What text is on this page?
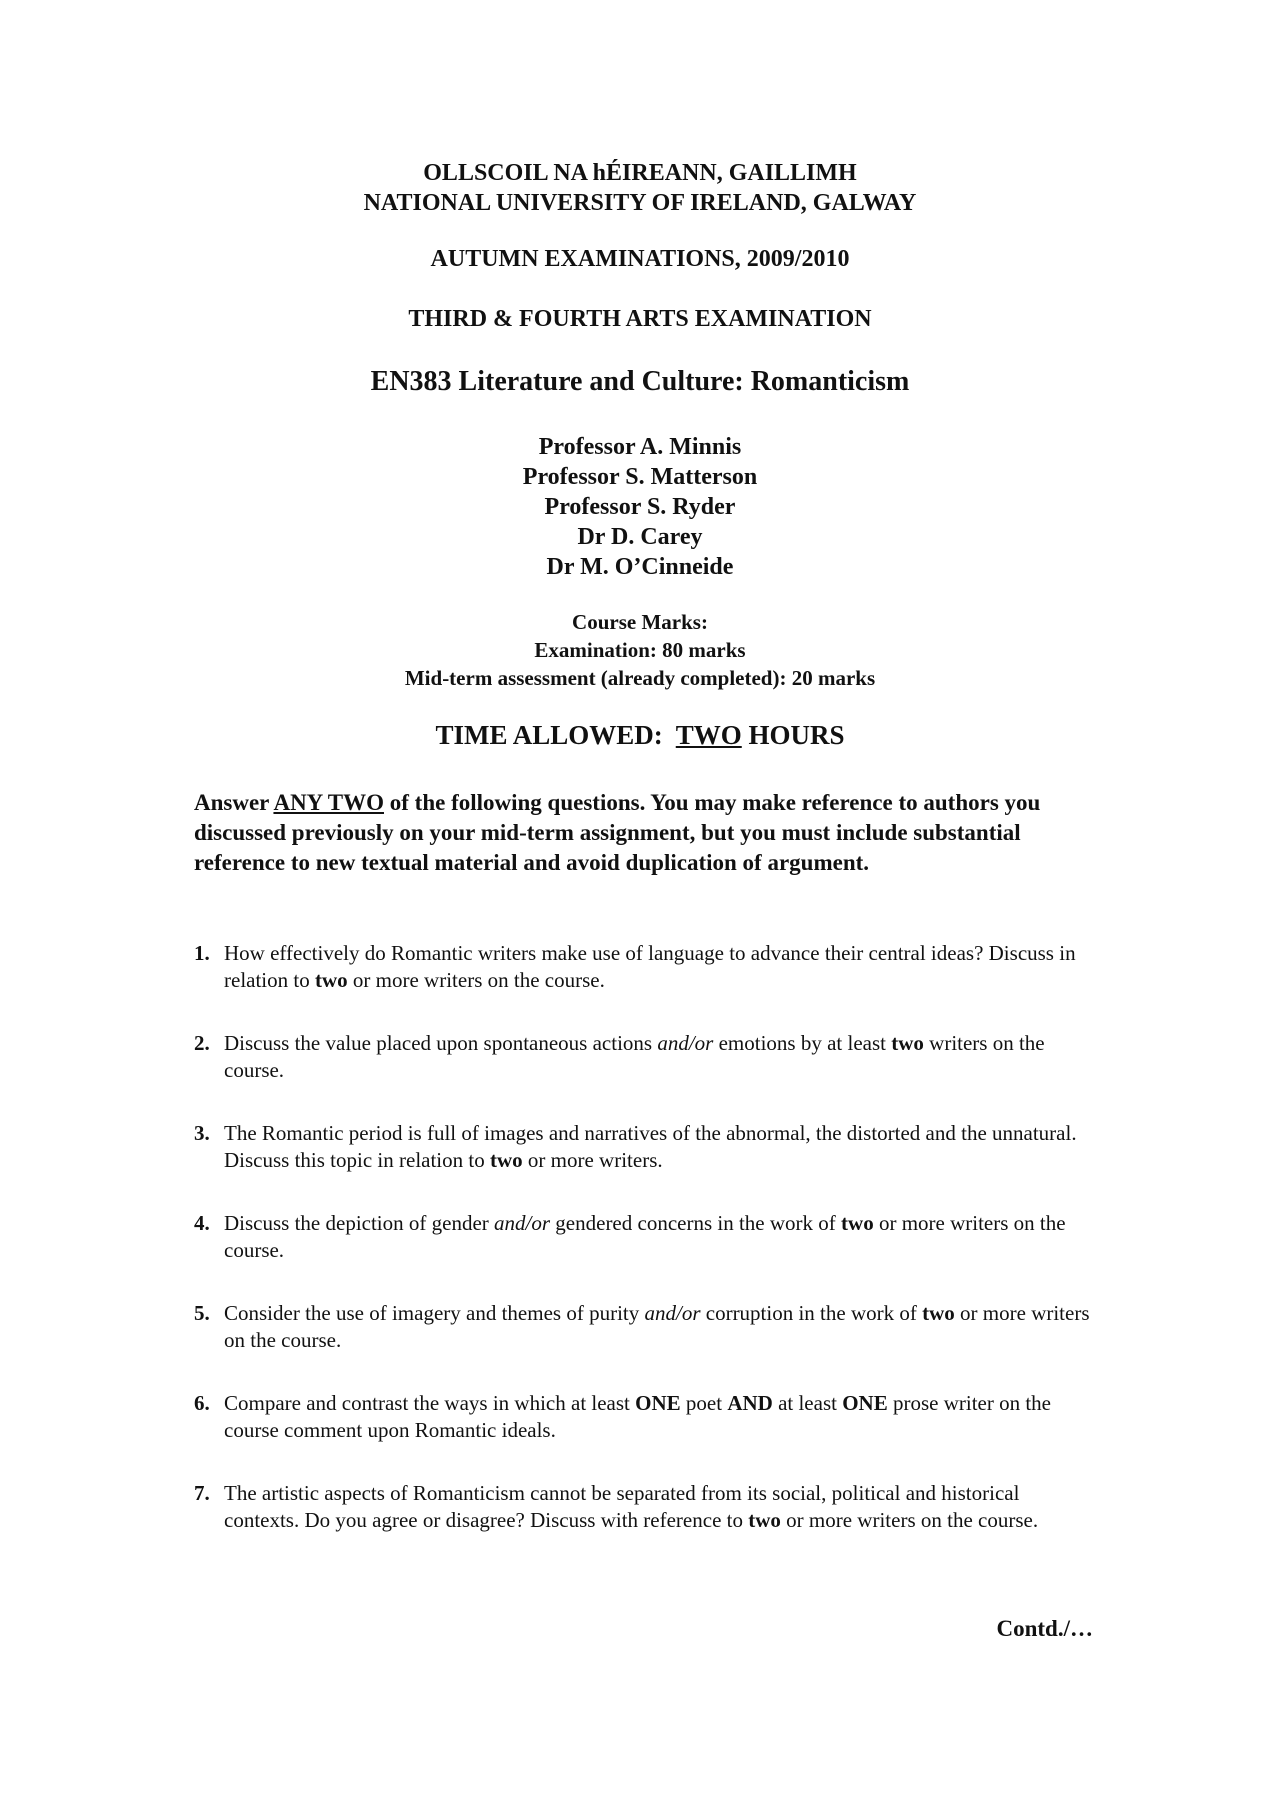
OLLSCOIL NA hÉIREANN, GAILLIMH
NATIONAL UNIVERSITY OF IRELAND, GALWAY
AUTUMN EXAMINATIONS, 2009/2010
THIRD & FOURTH ARTS EXAMINATION
EN383 Literature and Culture: Romanticism
Professor A. Minnis
Professor S. Matterson
Professor S. Ryder
Dr D. Carey
Dr M. O’Cinneide
Course Marks:
Examination: 80 marks
Mid-term assessment (already completed): 20 marks
TIME ALLOWED: TWO HOURS
Answer ANY TWO of the following questions. You may make reference to authors you discussed previously on your mid-term assignment, but you must include substantial reference to new textual material and avoid duplication of argument.
1. How effectively do Romantic writers make use of language to advance their central ideas? Discuss in relation to two or more writers on the course.
2. Discuss the value placed upon spontaneous actions and/or emotions by at least two writers on the course.
3. The Romantic period is full of images and narratives of the abnormal, the distorted and the unnatural. Discuss this topic in relation to two or more writers.
4. Discuss the depiction of gender and/or gendered concerns in the work of two or more writers on the course.
5. Consider the use of imagery and themes of purity and/or corruption in the work of two or more writers on the course.
6. Compare and contrast the ways in which at least ONE poet AND at least ONE prose writer on the course comment upon Romantic ideals.
7. The artistic aspects of Romanticism cannot be separated from its social, political and historical contexts. Do you agree or disagree? Discuss with reference to two or more writers on the course.
Contd./…
